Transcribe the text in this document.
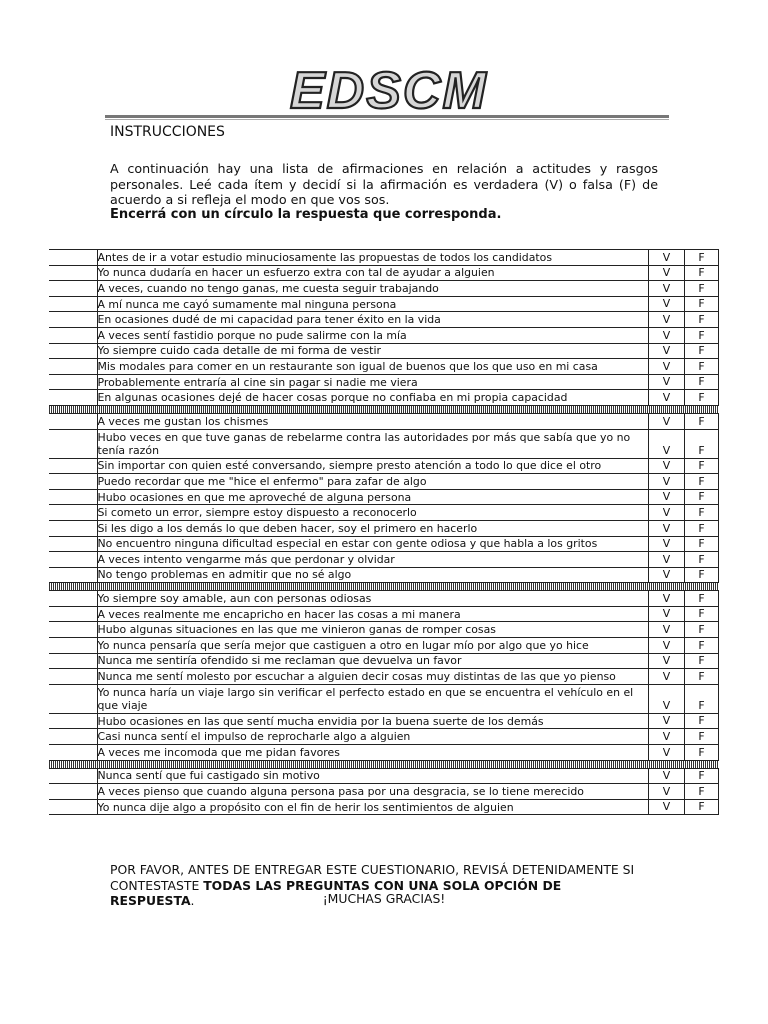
EDSCM
INSTRUCCIONES
A continuación hay una lista de afirmaciones en relación a actitudes y rasgos personales. Leé cada ítem y decidí si la afirmación es verdadera (V) o falsa (F) de acuerdo a si refleja el modo en que vos sos.
Encerrá con un círculo la respuesta que corresponda.
	Antes de ir a votar estudio minuciosamente las propuestas de todos los candidatos	V	F
	Yo nunca dudaría en hacer un esfuerzo extra con tal de ayudar a alguien	V	F
	A veces, cuando no tengo ganas, me cuesta seguir trabajando	V	F
	A mí nunca me cayó sumamente mal ninguna persona	V	F
	En ocasiones dudé de mi capacidad para tener éxito en la vida	V	F
	A veces sentí fastidio porque no pude salirme con la mía	V	F
	Yo siempre cuido cada detalle de mi forma de vestir	V	F
	Mis modales para comer en un restaurante son igual de buenos que los que uso en mi casa	V	F
	Probablemente entraría al cine sin pagar si nadie me viera	V	F
	En algunas ocasiones dejé de hacer cosas porque no confiaba en mi propia capacidad	V	F

	A veces me gustan los chismes	V	F
	Hubo veces en que tuve ganas de rebelarme contra las autoridades por más que sabía que yo no tenía razón	V	F
	Sin importar con quien esté conversando, siempre presto atención a todo lo que dice el otro	V	F
	Puedo recordar que me "hice el enfermo" para zafar de algo	V	F
	Hubo ocasiones en que me aproveché de alguna persona	V	F
	Si cometo un error, siempre estoy dispuesto a reconocerlo	V	F
	Si les digo a los demás lo que deben hacer, soy el primero en hacerlo	V	F
	No encuentro ninguna dificultad especial en estar con gente odiosa y que habla a los gritos	V	F
	A veces intento vengarme más que perdonar y olvidar	V	F
	No tengo problemas en admitir que no sé algo	V	F

	Yo siempre soy amable, aun con personas odiosas	V	F
	A veces realmente me encapricho en hacer las cosas a mi manera	V	F
	Hubo algunas situaciones en las que me vinieron ganas de romper cosas	V	F
	Yo nunca pensaría que sería mejor que castiguen a otro en lugar mío por algo que yo hice	V	F
	Nunca me sentiría ofendido si me reclaman que devuelva un favor	V	F
	Nunca me sentí molesto por escuchar a alguien decir cosas muy distintas de las que yo pienso	V	F
	Yo nunca haría un viaje largo sin verificar el perfecto estado en que se encuentra el vehículo en el que viaje	V	F
	Hubo ocasiones en las que sentí mucha envidia por la buena suerte de los demás	V	F
	Casi nunca sentí el impulso de reprocharle algo a alguien	V	F
	A veces me incomoda que me pidan favores	V	F

	Nunca sentí que fui castigado sin motivo	V	F
	A veces pienso que cuando alguna persona pasa por una desgracia, se lo tiene merecido	V	F
	Yo nunca dije algo a propósito con el fin de herir los sentimientos de alguien	V	F
POR FAVOR, ANTES DE ENTREGAR ESTE CUESTIONARIO, REVISÁ DETENIDAMENTE SI CONTESTASTE TODAS LAS PREGUNTAS CON UNA SOLA OPCIÓN DE RESPUESTA.	¡MUCHAS GRACIAS!
